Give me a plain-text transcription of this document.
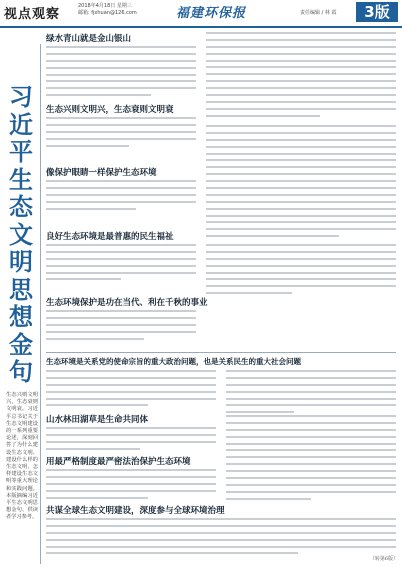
视点观察
2018年4月18日 星期三
邮箱: fjxhuan@126.com	福建环保报	责任编辑 / 林 霞	3版
习
近
平
生
态
文
明
思
想
金
句
生态兴则文明兴，生态衰则文明衰。习近平总书记关于生态文明建设的一系列重要论述，深刻回答了为什么建设生态文明、建设什么样的生态文明、怎样建设生态文明等重大理论和实践问题。本版摘编习近平生态文明思想金句，供读者学习参考。
绿水青山就是金山银山
生态兴则文明兴，生态衰则文明衰
像保护眼睛一样保护生态环境
良好生态环境是最普惠的民生福祉
生态环境保护是功在当代、利在千秋的事业
生态环境是关系党的使命宗旨的重大政治问题，也是关系民生的重大社会问题
山水林田湖草是生命共同体
用最严格制度最严密法治保护生态环境
共谋全球生态文明建设，深度参与全球环境治理
（转第6版）
